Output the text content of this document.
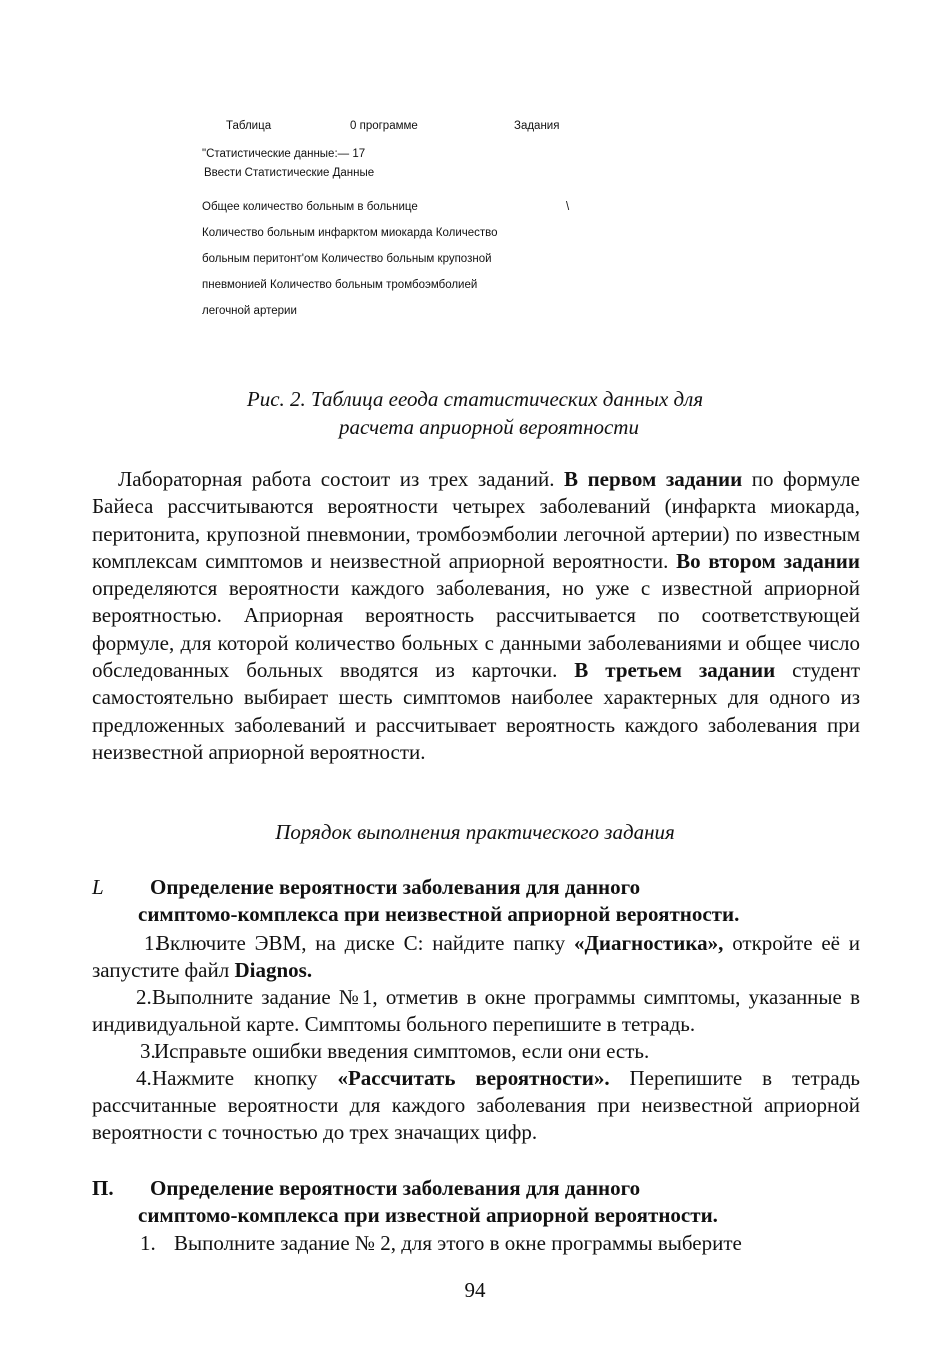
Таблица	0 программе	Задания
"Статистические данные:— 17
Ввести Статистические Данные
Общее количество больным в больнице
Количество больным инфарктом миокарда Количество
больным перитонт'ом Количество больным крупозной
пневмонией Количество больным тромбоэмболией
легочной артерии
\
Рис. 2. Таблица ееода статистических данных для
расчета априорной вероятности

Лабораторная работа состоит из трех заданий. В первом задании по формуле Байеса рассчитываются вероятности четырех заболеваний (инфаркта миокарда, перитонита, крупозной пневмонии, тромбоэмболии легочной артерии) по известным комплексам симптомов и неизвестной априорной вероятности. Во втором задании определяются вероятности каждого заболевания, но уже с известной априорной вероятностью. Априорная вероятность рассчитывается по соответствующей формуле, для которой количество больных с данными заболеваниями и общее число обследованных больных вводятся из карточки. В третьем задании студент самостоятельно выбирает шесть симптомов наиболее характерных для одного из предложенных заболеваний и рассчитывает вероятность каждого заболевания при неизвестной априорной вероятности.

Порядок выполнения практического задания
L Определение вероятности заболевания для данного
симптомо-комплекса при неизвестной априорной вероятности.

1.Включите ЭВМ, на диске С: найдите папку «Диагностика», откройте её и запустите файл Diagnos.

2.Выполните задание №1, отметив в окне программы симптомы, указанные в индивидуальной карте. Симптомы больного перепишите в тетрадь.

3.Исправьте ошибки введения симптомов, если они есть.

4.Нажмите кнопку «Рассчитать вероятности». Перепишите в тетрадь рассчитанные вероятности для каждого заболевания при неизвестной априорной вероятности с точностью до трех значащих цифр.

П. Определение вероятности заболевания для данного
симптомо-комплекса при известной априорной вероятности.

1. Выполните задание № 2, для этого в окне программы выберите

94
